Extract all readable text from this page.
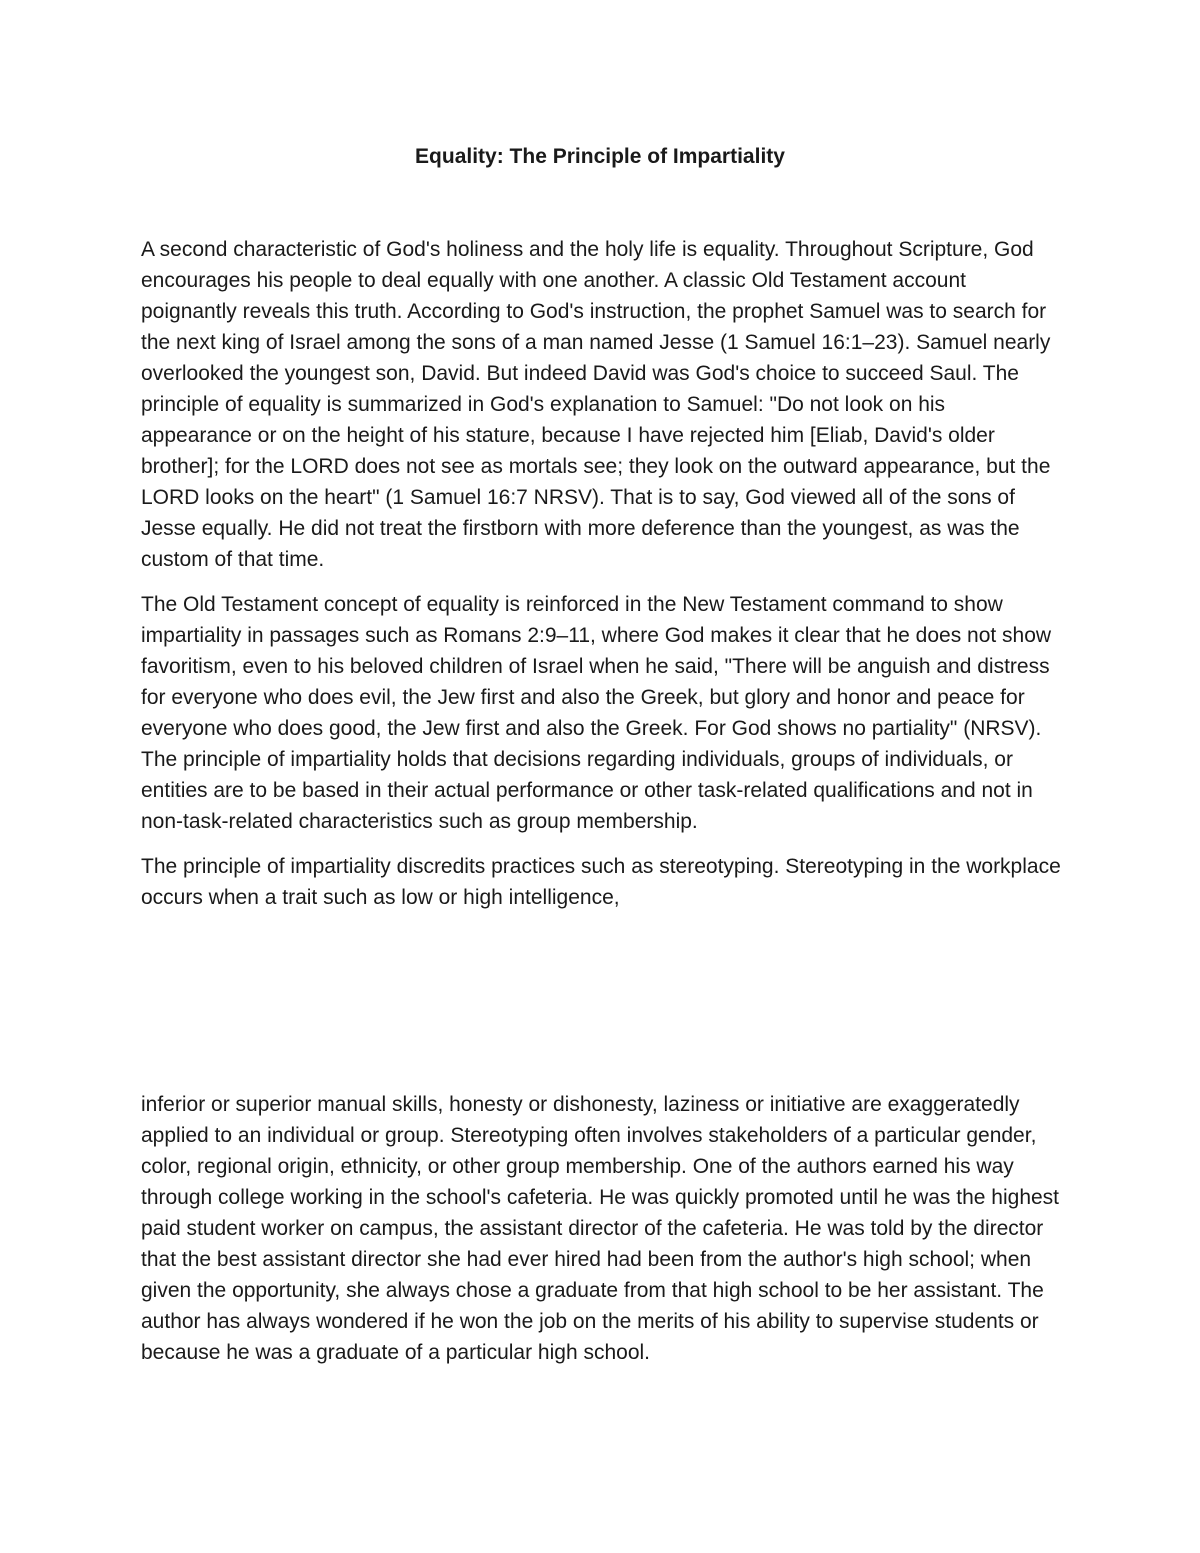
Equality: The Principle of Impartiality

A second characteristic of God's holiness and the holy life is equality. Throughout Scripture, God encourages his people to deal equally with one another. A classic Old Testament account poignantly reveals this truth. According to God's instruction, the prophet Samuel was to search for the next king of Israel among the sons of a man named Jesse (1 Samuel 16:1–23). Samuel nearly overlooked the youngest son, David. But indeed David was God's choice to succeed Saul. The principle of equality is summarized in God's explanation to Samuel: "Do not look on his appearance or on the height of his stature, because I have rejected him [Eliab, David's older brother]; for the LORD does not see as mortals see; they look on the outward appearance, but the LORD looks on the heart" (1 Samuel 16:7 NRSV). That is to say, God viewed all of the sons of Jesse equally. He did not treat the firstborn with more deference than the youngest, as was the custom of that time.

The Old Testament concept of equality is reinforced in the New Testament command to show impartiality in passages such as Romans 2:9–11, where God makes it clear that he does not show favoritism, even to his beloved children of Israel when he said, "There will be anguish and distress for everyone who does evil, the Jew first and also the Greek, but glory and honor and peace for everyone who does good, the Jew first and also the Greek. For God shows no partiality" (NRSV). The principle of impartiality holds that decisions regarding individuals, groups of individuals, or entities are to be based in their actual performance or other task-related qualifications and not in non-task-related characteristics such as group membership.

The principle of impartiality discredits practices such as stereotyping. Stereotyping in the workplace occurs when a trait such as low or high intelligence,

inferior or superior manual skills, honesty or dishonesty, laziness or initiative are exaggeratedly applied to an individual or group. Stereotyping often involves stakeholders of a particular gender, color, regional origin, ethnicity, or other group membership. One of the authors earned his way through college working in the school's cafeteria. He was quickly promoted until he was the highest paid student worker on campus, the assistant director of the cafeteria. He was told by the director that the best assistant director she had ever hired had been from the author's high school; when given the opportunity, she always chose a graduate from that high school to be her assistant. The author has always wondered if he won the job on the merits of his ability to supervise students or because he was a graduate of a particular high school.
